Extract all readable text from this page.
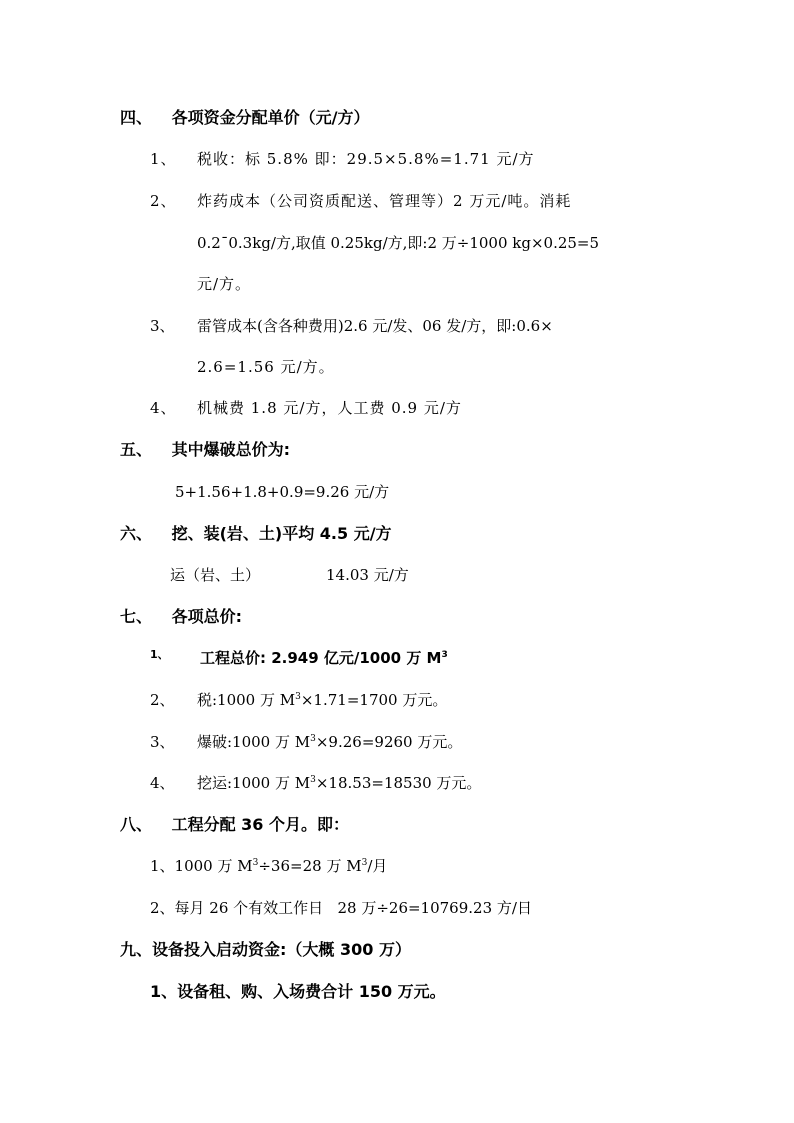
四、 各项资金分配单价（元/方）
1、 税收：标 5.8% 即：29.5×5.8%=1.71 元/方
2、 炸药成本（公司资质配送、管理等）2 万元/吨。消耗
0.2¯0.3kg/方,取值 0.25kg/方,即:2 万÷1000 kg×0.25=5
元/方。
3、 雷管成本(含各种费用)2.6 元/发、06 发/方，即:0.6×
2.6=1.56 元/方。
4、 机械费 1.8 元/方，人工费 0.9 元/方
五、 其中爆破总价为:
5+1.56+1.8+0.9=9.26 元/方
六、 挖、装(岩、土)平均 4.5 元/方
运（岩、土）	14.03 元/方
七、 各项总价:
$^{1、}$ 工程总价: 2.949 亿元/1000 万 $M^3$
2、 税:1000 万 $M^3\times 1.71=1700$ 万元。
3、 爆破:1000 万 $M^3\times 9.26=9260$ 万元。
4、 挖运:1000 万 $M^3\times 18.53=18530$ 万元。
八、 工程分配 36 个月。即：
1、1000 万 $M^3\div 36=28$ 万 $M^3/$月
2、每月 26 个有效工作日   28 万÷26=10769.23 方/日
九、设备投入启动资金:（大概 300 万）
1、设备租、购、入场费合计 150 万元。
